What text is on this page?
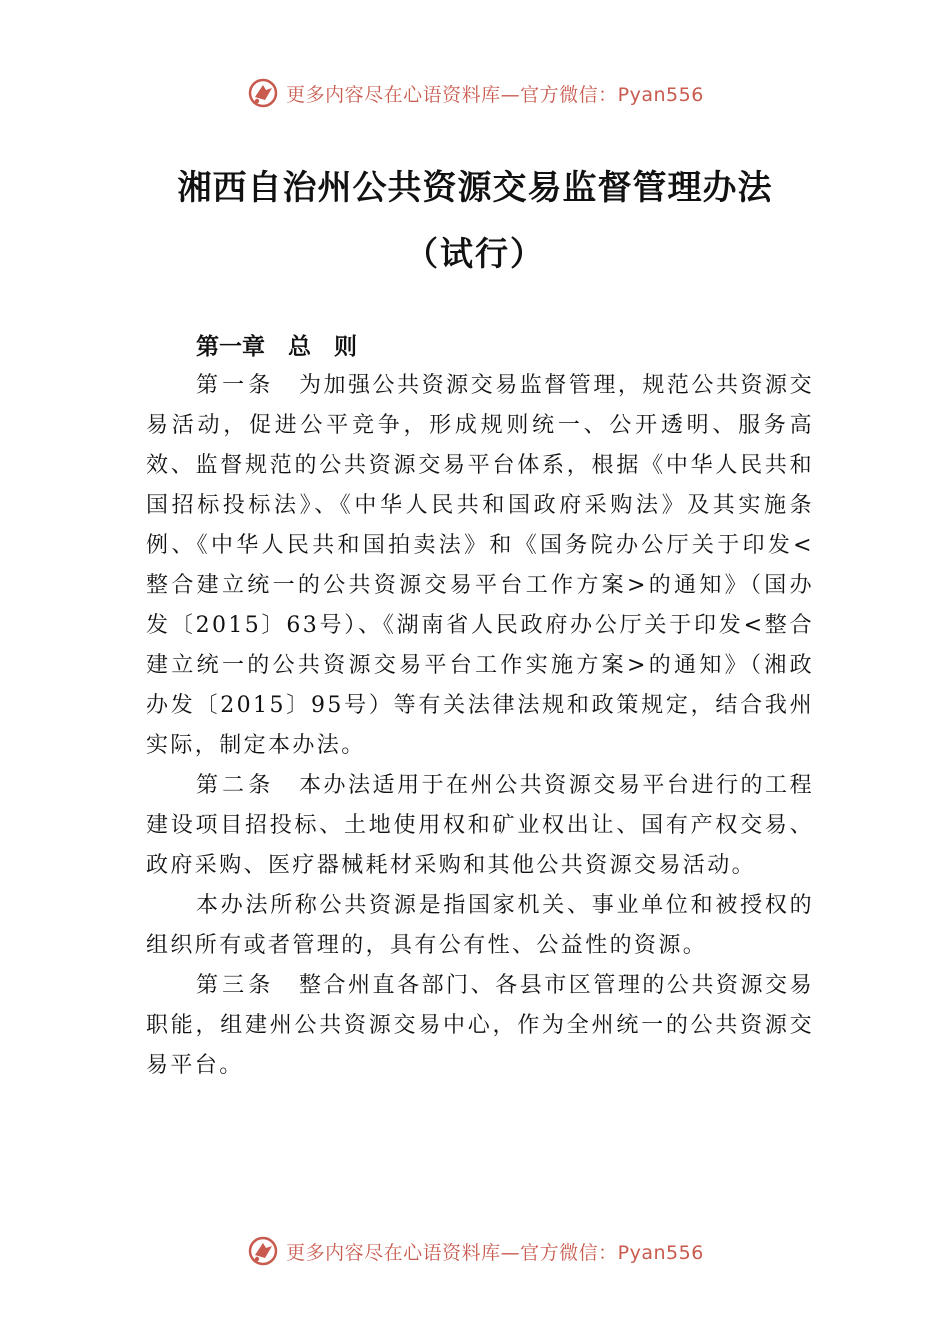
更多内容尽在心语资料库—官方微信：Pyan556
湘西自治州公共资源交易监督管理办法
（试行）

第一章　总　则

第一条  为加强公共资源交易监督管理，规范公共资源交易活动，促进公平竞争，形成规则统一、公开透明、服务高效、监督规范的公共资源交易平台体系，根据《中华人民共和国招标投标法》、《中华人民共和国政府采购法》及其实施条例、《中华人民共和国拍卖法》和《国务院办公厅关于印发<整合建立统一的公共资源交易平台工作方案>的通知》（国办发〔2015〕63号）、《湖南省人民政府办公厅关于印发<整合建立统一的公共资源交易平台工作实施方案>的通知》（湘政办发〔2015〕95号）等有关法律法规和政策规定，结合我州实际，制定本办法。

第二条  本办法适用于在州公共资源交易平台进行的工程建设项目招投标、土地使用权和矿业权出让、国有产权交易、政府采购、医疗器械耗材采购和其他公共资源交易活动。

本办法所称公共资源是指国家机关、事业单位和被授权的组织所有或者管理的，具有公有性、公益性的资源。

第三条  整合州直各部门、各县市区管理的公共资源交易职能，组建州公共资源交易中心，作为全州统一的公共资源交易平台。

更多内容尽在心语资料库—官方微信：Pyan556
